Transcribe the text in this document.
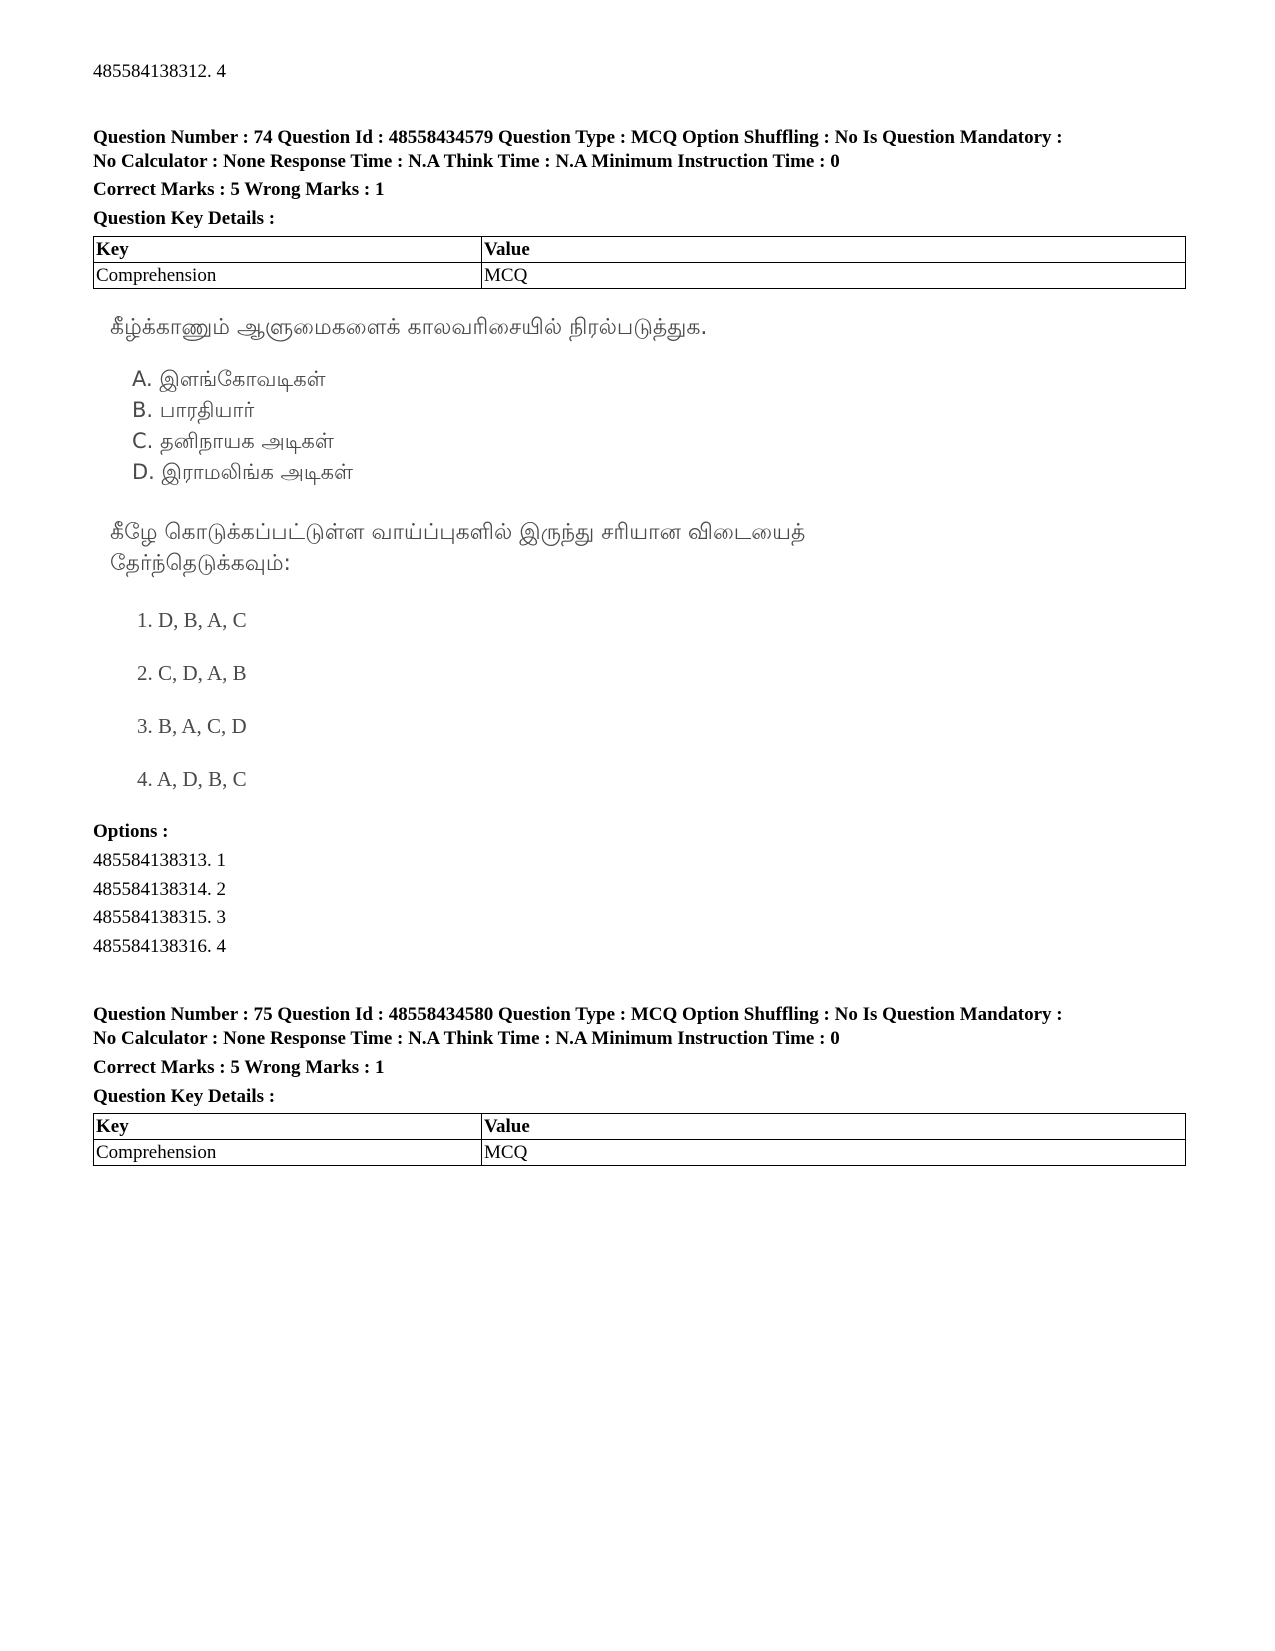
485584138312. 4
Question Number : 74 Question Id : 48558434579 Question Type : MCQ Option Shuffling : No Is Question Mandatory :
No Calculator : None Response Time : N.A Think Time : N.A Minimum Instruction Time : 0
Correct Marks : 5 Wrong Marks : 1
Question Key Details :
Key	Value
Comprehension	MCQ
கீழ்க்காணும் ஆளுமைகளைக் காலவரிசையில் நிரல்படுத்துக.
A. இளங்கோவடிகள்
B. பாரதியார்
C. தனிநாயக அடிகள்
D. இராமலிங்க அடிகள்
கீழே கொடுக்கப்பட்டுள்ள வாய்ப்புகளில் இருந்து சரியான விடையைத்
தேர்ந்தெடுக்கவும்:
1. D, B, A, C
2. C, D, A, B
3. B, A, C, D
4. A, D, B, C
Options :
485584138313. 1
485584138314. 2
485584138315. 3
485584138316. 4
Question Number : 75 Question Id : 48558434580 Question Type : MCQ Option Shuffling : No Is Question Mandatory :
No Calculator : None Response Time : N.A Think Time : N.A Minimum Instruction Time : 0
Correct Marks : 5 Wrong Marks : 1
Question Key Details :
Key	Value
Comprehension	MCQ
